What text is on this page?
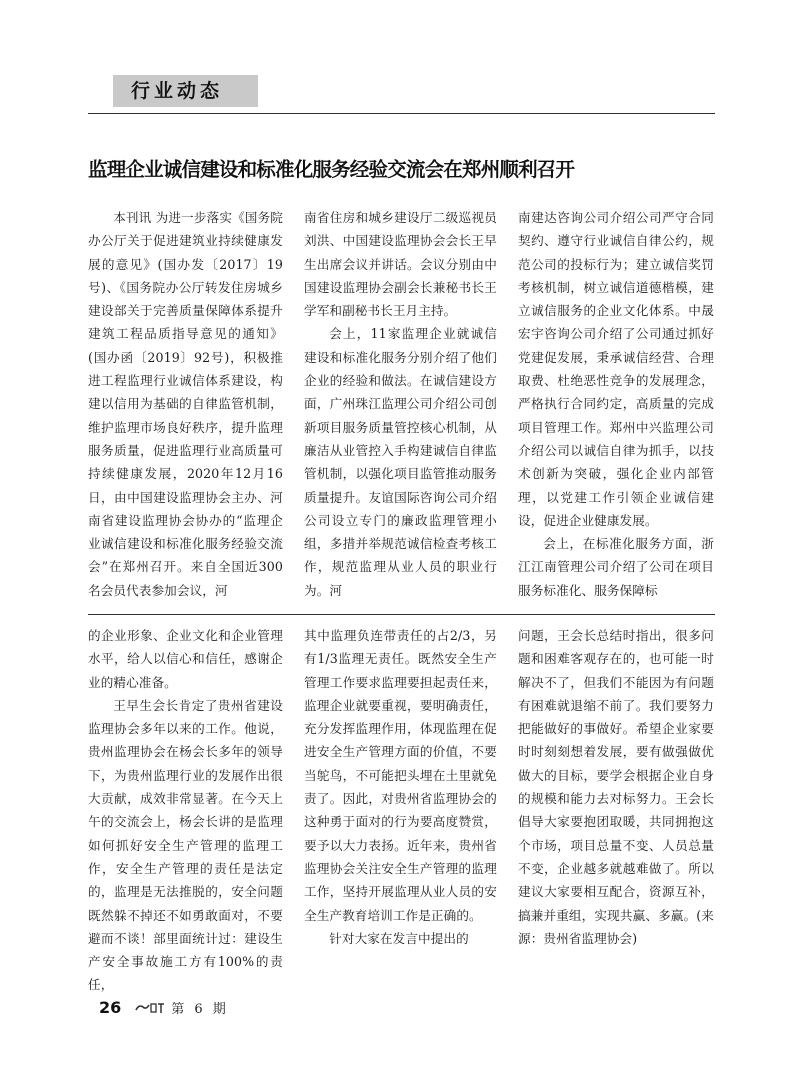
行业动态
监理企业诚信建设和标准化服务经验交流会在郑州顺利召开

本刊讯 为进一步落实《国务院办公厅关于促进建筑业持续健康发展的意见》(国办发〔2017〕19号)、《国务院办公厅转发住房城乡建设部关于完善质量保障体系提升建筑工程品质指导意见的通知》(国办函〔2019〕92号)，积极推进工程监理行业诚信体系建设，构建以信用为基础的自律监管机制，维护监理市场良好秩序，提升监理服务质量，促进监理行业高质量可持续健康发展，2020年12月16日，由中国建设监理协会主办、河南省建设监理协会协办的“监理企业诚信建设和标准化服务经验交流会”在郑州召开。来自全国近300名会员代表参加会议，河

南省住房和城乡建设厅二级巡视员刘洪、中国建设监理协会会长王早生出席会议并讲话。会议分别由中国建设监理协会副会长兼秘书长王学军和副秘书长王月主持。

会上，11家监理企业就诚信建设和标准化服务分别介绍了他们企业的经验和做法。在诚信建设方面，广州珠江监理公司介绍公司创新项目服务质量管控核心机制，从廉洁从业管控入手构建诚信自律监管机制，以强化项目监管推动服务质量提升。友谊国际咨询公司介绍公司设立专门的廉政监理管理小组，多措并举规范诚信检查考核工作，规范监理从业人员的职业行为。河

南建达咨询公司介绍公司严守合同契约、遵守行业诚信自律公约，规范公司的投标行为；建立诚信奖罚考核机制，树立诚信道德楷模，建立诚信服务的企业文化体系。中晟宏宇咨询公司介绍了公司通过抓好党建促发展，秉承诚信经营、合理取费、杜绝恶性竞争的发展理念，严格执行合同约定，高质量的完成项目管理工作。郑州中兴监理公司介绍公司以诚信自律为抓手，以技术创新为突破，强化企业内部管理，以党建工作引领企业诚信建设，促进企业健康发展。

会上，在标准化服务方面，浙江江南管理公司介绍了公司在项目服务标准化、服务保障标

的企业形象、企业文化和企业管理水平，给人以信心和信任，感谢企业的精心准备。

王早生会长肯定了贵州省建设监理协会多年以来的工作。他说，贵州监理协会在杨会长多年的领导下，为贵州监理行业的发展作出很大贡献，成效非常显著。在今天上午的交流会上，杨会长讲的是监理如何抓好安全生产管理的监理工作，安全生产管理的责任是法定的，监理是无法推脱的，安全问题既然躲不掉还不如勇敢面对，不要避而不谈！部里面统计过：建设生产安全事故施工方有100%的责任，

其中监理负连带责任的占2/3，另有1/3监理无责任。既然安全生产管理工作要求监理要担起责任来，监理企业就要重视，要明确责任，充分发挥监理作用，体现监理在促进安全生产管理方面的价值，不要当鸵鸟，不可能把头埋在土里就免责了。因此，对贵州省监理协会的这种勇于面对的行为要高度赞赏，要予以大力表扬。近年来，贵州省监理协会关注安全生产管理的监理工作，坚持开展监理从业人员的安全生产教育培训工作是正确的。

针对大家在发言中提出的

问题，王会长总结时指出，很多问题和困难客观存在的，也可能一时解决不了，但我们不能因为有问题有困难就退缩不前了。我们要努力把能做好的事做好。希望企业家要时时刻刻想着发展，要有做强做优做大的目标，要学会根据企业自身的规模和能力去对标努力。王会长倡导大家要抱团取暖，共同拥抱这个市场，项目总量不变、人员总量不变，企业越多就越难做了。所以建议大家要相互配合，资源互补，搞兼并重组，实现共赢、多赢。(来源：贵州省监理协会)

26	第 6 期
